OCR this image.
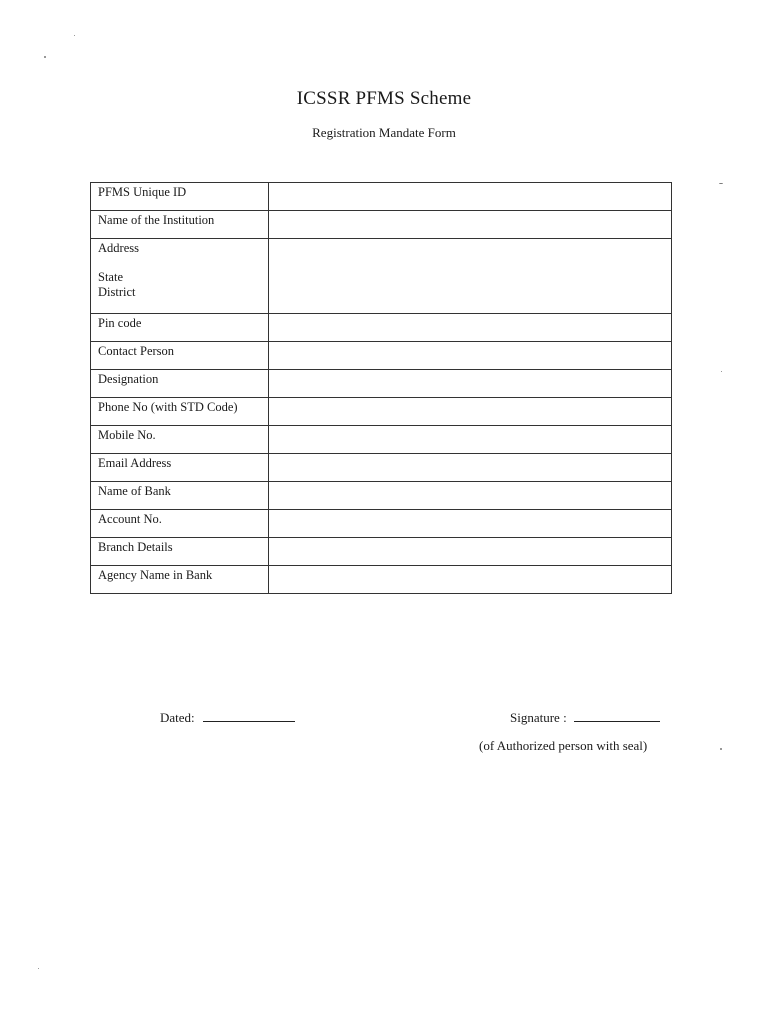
ICSSR PFMS Scheme
Registration Mandate Form
PFMS Unique ID	
Name of the Institution	

Address
State
District	

Pin code	
Contact Person	
Designation	
Phone No (with STD Code)	
Mobile No.	
Email Address	
Name of Bank	
Account No.	
Branch Details	
Agency Name in Bank	
Dated:	Signature :
(of Authorized person with seal)
